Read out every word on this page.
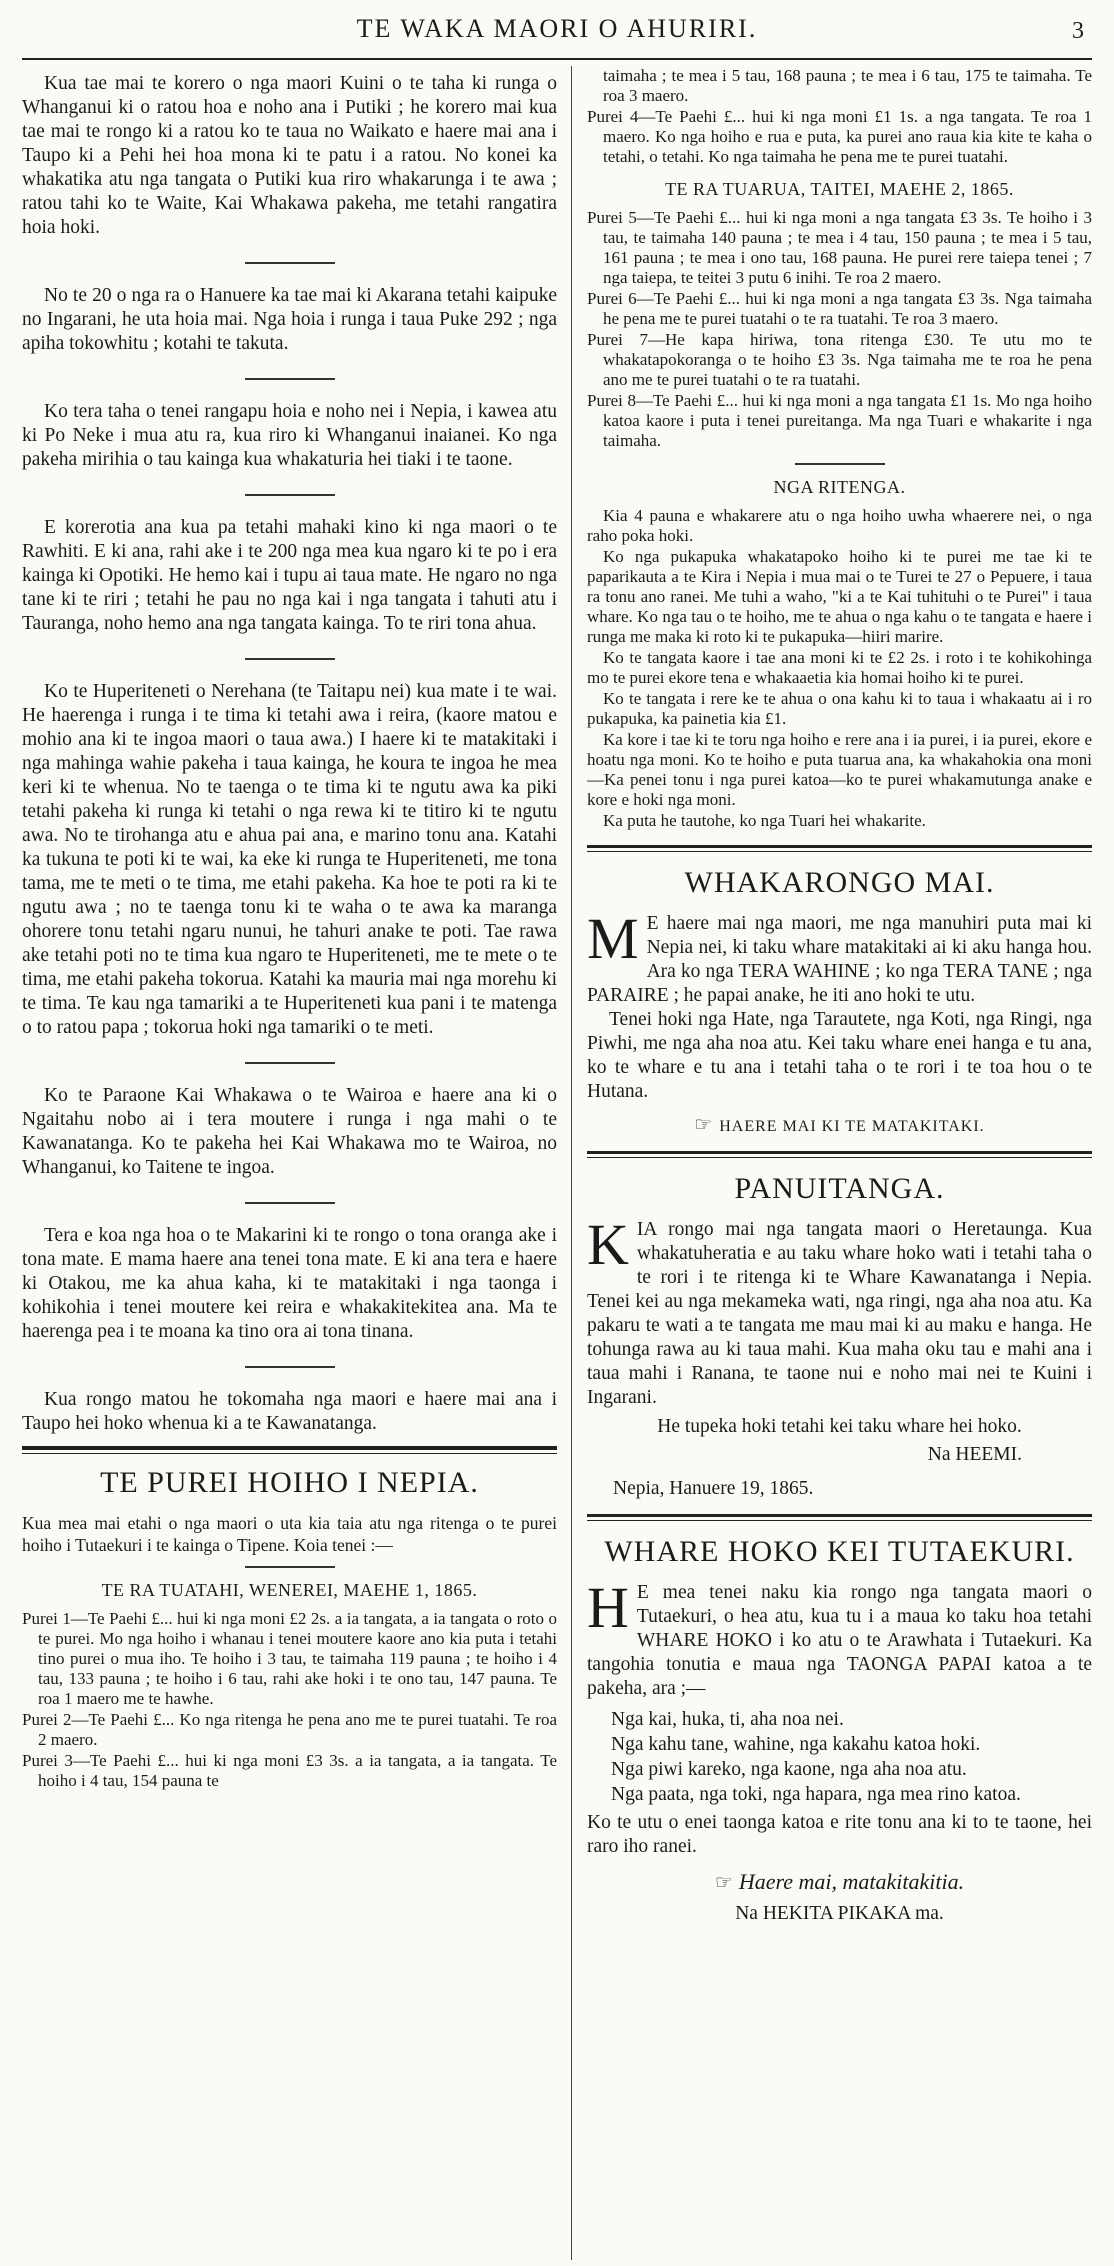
TE WAKA MAORI O AHURIRI.	3

Kua tae mai te korero o nga maori Kuini o te taha ki runga o Whanganui ki o ratou hoa e noho ana i Putiki ; he korero mai kua tae mai te rongo ki a ratou ko te taua no Waikato e haere mai ana i Taupo ki a Pehi hei hoa mona ki te patu i a ratou. No konei ka whakatika atu nga tangata o Putiki kua riro whakarunga i te awa ; ratou tahi ko te Waite, Kai Whakawa pakeha, me tetahi rangatira hoia hoki.

No te 20 o nga ra o Hanuere ka tae mai ki Akarana tetahi kaipuke no Ingarani, he uta hoia mai. Nga hoia i runga i taua Puke 292 ; nga apiha tokowhitu ; kotahi te takuta.

Ko tera taha o tenei rangapu hoia e noho nei i Nepia, i kawea atu ki Po Neke i mua atu ra, kua riro ki Whanganui inaianei. Ko nga pakeha mirihia o tau kainga kua whakaturia hei tiaki i te taone.

E korerotia ana kua pa tetahi mahaki kino ki nga maori o te Rawhiti. E ki ana, rahi ake i te 200 nga mea kua ngaro ki te po i era kainga ki Opotiki. He hemo kai i tupu ai taua mate. He ngaro no nga tane ki te riri ; tetahi he pau no nga kai i nga tangata i tahuti atu i Tauranga, noho hemo ana nga tangata kainga. To te riri tona ahua.

Ko te Huperiteneti o Nerehana (te Taitapu nei) kua mate i te wai. He haerenga i runga i te tima ki tetahi awa i reira, (kaore matou e mohio ana ki te ingoa maori o taua awa.) I haere ki te matakitaki i nga mahinga wahie pakeha i taua kainga, he koura te ingoa he mea keri ki te whenua. No te taenga o te tima ki te ngutu awa ka piki tetahi pakeha ki runga ki tetahi o nga rewa ki te titiro ki te ngutu awa. No te tirohanga atu e ahua pai ana, e marino tonu ana. Katahi ka tukuna te poti ki te wai, ka eke ki runga te Huperiteneti, me tona tama, me te meti o te tima, me etahi pakeha. Ka hoe te poti ra ki te ngutu awa ; no te taenga tonu ki te waha o te awa ka maranga ohorere tonu tetahi ngaru nunui, he tahuri anake te poti. Tae rawa ake tetahi poti no te tima kua ngaro te Huperiteneti, me te mete o te tima, me etahi pakeha tokorua. Katahi ka mauria mai nga morehu ki te tima. Te kau nga tamariki a te Huperiteneti kua pani i te matenga o to ratou papa ; tokorua hoki nga tamariki o te meti.

Ko te Paraone Kai Whakawa o te Wairoa e haere ana ki o Ngaitahu nobo ai i tera moutere i runga i nga mahi o te Kawanatanga. Ko te pakeha hei Kai Whakawa mo te Wairoa, no Whanganui, ko Taitene te ingoa.

Tera e koa nga hoa o te Makarini ki te rongo o tona oranga ake i tona mate. E mama haere ana tenei tona mate. E ki ana tera e haere ki Otakou, me ka ahua kaha, ki te matakitaki i nga taonga i kohikohia i tenei moutere kei reira e whakakitekitea ana. Ma te haerenga pea i te moana ka tino ora ai tona tinana.

Kua rongo matou he tokomaha nga maori e haere mai ana i Taupo hei hoko whenua ki a te Kawanatanga.

TE PUREI HOIHO I NEPIA.

Kua mea mai etahi o nga maori o uta kia taia atu nga ritenga o te purei hoiho i Tutaekuri i te kainga o Tipene. Koia tenei :—

TE RA TUATAHI, WENEREI, MAEHE 1, 1865.

Purei 1—Te Paehi £... hui ki nga moni £2 2s. a ia tangata, a ia tangata o roto o te purei. Mo nga hoiho i whanau i tenei moutere kaore ano kia puta i tetahi tino purei o mua iho. Te hoiho i 3 tau, te taimaha 119 pauna ; te hoiho i 4 tau, 133 pauna ; te hoiho i 6 tau, rahi ake hoki i te ono tau, 147 pauna. Te roa 1 maero me te hawhe.

Purei 2—Te Paehi £... Ko nga ritenga he pena ano me te purei tuatahi. Te roa 2 maero.

Purei 3—Te Paehi £... hui ki nga moni £3 3s. a ia tangata, a ia tangata. Te hoiho i 4 tau, 154 pauna te

taimaha ; te mea i 5 tau, 168 pauna ; te mea i 6 tau, 175 te taimaha. Te roa 3 maero.

Purei 4—Te Paehi £... hui ki nga moni £1 1s. a nga tangata. Te roa 1 maero. Ko nga hoiho e rua e puta, ka purei ano raua kia kite te kaha o tetahi, o tetahi. Ko nga taimaha he pena me te purei tuatahi.

TE RA TUARUA, TAITEI, MAEHE 2, 1865.

Purei 5—Te Paehi £... hui ki nga moni a nga tangata £3 3s. Te hoiho i 3 tau, te taimaha 140 pauna ; te mea i 4 tau, 150 pauna ; te mea i 5 tau, 161 pauna ; te mea i ono tau, 168 pauna. He purei rere taiepa tenei ; 7 nga taiepa, te teitei 3 putu 6 inihi. Te roa 2 maero.

Purei 6—Te Paehi £... hui ki nga moni a nga tangata £3 3s. Nga taimaha he pena me te purei tuatahi o te ra tuatahi. Te roa 3 maero.

Purei 7—He kapa hiriwa, tona ritenga £30. Te utu mo te whakatapokoranga o te hoiho £3 3s. Nga taimaha me te roa he pena ano me te purei tuatahi o te ra tuatahi.

Purei 8—Te Paehi £... hui ki nga moni a nga tangata £1 1s. Mo nga hoiho katoa kaore i puta i tenei pureitanga. Ma nga Tuari e whakarite i nga taimaha.

NGA RITENGA.

Kia 4 pauna e whakarere atu o nga hoiho uwha whaerere nei, o nga raho poka hoki.

Ko nga pukapuka whakatapoko hoiho ki te purei me tae ki te paparikauta a te Kira i Nepia i mua mai o te Turei te 27 o Pepuere, i taua ra tonu ano ranei. Me tuhi a waho, "ki a te Kai tuhituhi o te Purei" i taua whare. Ko nga tau o te hoiho, me te ahua o nga kahu o te tangata e haere i runga me maka ki roto ki te pukapuka—hiiri marire.

Ko te tangata kaore i tae ana moni ki te £2 2s. i roto i te kohikohinga mo te purei ekore tena e whakaaetia kia homai hoiho ki te purei.

Ko te tangata i rere ke te ahua o ona kahu ki to taua i whakaatu ai i ro pukapuka, ka painetia kia £1.

Ka kore i tae ki te toru nga hoiho e rere ana i ia purei, i ia purei, ekore e hoatu nga moni. Ko te hoiho e puta tuarua ana, ka whakahokia ona moni—Ka penei tonu i nga purei katoa—ko te purei whakamutunga anake e kore e hoki nga moni.

Ka puta he tautohe, ko nga Tuari hei whakarite.

WHAKARONGO MAI.

M E haere mai nga maori, me nga manuhiri puta mai ki Nepia nei, ki taku whare matakitaki ai ki aku hanga hou. Ara ko nga TERA WAHINE ; ko nga TERA TANE ; nga PARAIRE ; he papai anake, he iti ano hoki te utu.

Tenei hoki nga Hate, nga Tarautete, nga Koti, nga Ringi, nga Piwhi, me nga aha noa atu. Kei taku whare enei hanga e tu ana, ko te whare e tu ana i tetahi taha o te rori i te toa hou o te Hutana.

☞ HAERE MAI KI TE MATAKITAKI.
PANUITANGA.

KIA rongo mai nga tangata maori o Heretaunga. Kua whakatuheratia e au taku whare hoko wati i tetahi taha o te rori i te ritenga ki te Whare Kawanatanga i Nepia. Tenei kei au nga mekameka wati, nga ringi, nga aha noa atu. Ka pakaru te wati a te tangata me mau mai ki au maku e hanga. He tohunga rawa au ki taua mahi. Kua maha oku tau e mahi ana i taua mahi i Ranana, te taone nui e noho mai nei te Kuini i Ingarani.

He tupeka hoki tetahi kei taku whare hei hoko.

Na HEEMI.

Nepia, Hanuere 19, 1865.

WHARE HOKO KEI TUTAEKURI.

H E mea tenei naku kia rongo nga tangata maori o Tutaekuri, o hea atu, kua tu i a maua ko taku hoa tetahi WHARE HOKO i ko atu o te Arawhata i Tutaekuri. Ka tangohia tonutia e maua nga TAONGA PAPAI katoa a te pakeha, ara ;—

Nga kai, huka, ti, aha noa nei.

Nga kahu tane, wahine, nga kakahu katoa hoki.

Nga piwi kareko, nga kaone, nga aha noa atu.

Nga paata, nga toki, nga hapara, nga mea rino katoa.

Ko te utu o enei taonga katoa e rite tonu ana ki to te taone, hei raro iho ranei.

☞ Haere mai, matakitakitia.

Na HEKITA PIKAKA ma.
